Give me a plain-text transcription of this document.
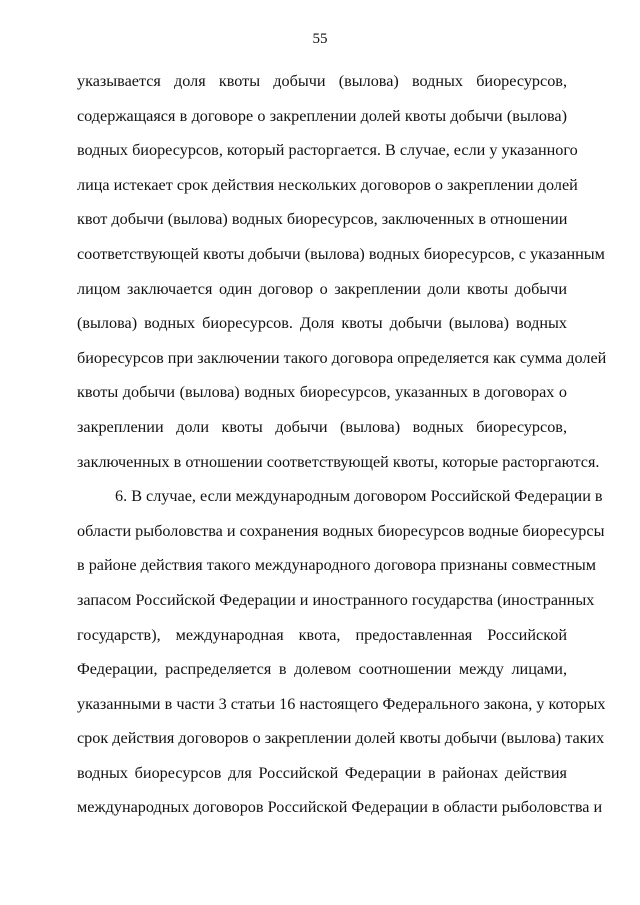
55
указывается доля квоты добычи (вылова) водных биоресурсов,
содержащаяся в договоре о закреплении долей квоты добычи (вылова)
водных биоресурсов, который расторгается. В случае, если у указанного
лица истекает срок действия нескольких договоров о закреплении долей
квот добычи (вылова) водных биоресурсов, заключенных в отношении
соответствующей квоты добычи (вылова) водных биоресурсов, с указанным
лицом заключается один договор о закреплении доли квоты добычи
(вылова) водных биоресурсов. Доля квоты добычи (вылова) водных
биоресурсов при заключении такого договора определяется как сумма долей
квоты добычи (вылова) водных биоресурсов, указанных в договорах о
закреплении доли квоты добычи (вылова) водных биоресурсов,
заключенных в отношении соответствующей квоты, которые расторгаются.
6. В случае, если международным договором Российской Федерации в
области рыболовства и сохранения водных биоресурсов водные биоресурсы
в районе действия такого международного договора признаны совместным
запасом Российской Федерации и иностранного государства (иностранных
государств), международная квота, предоставленная Российской
Федерации, распределяется в долевом соотношении между лицами,
указанными в части 3 статьи 16 настоящего Федерального закона, у которых
срок действия договоров о закреплении долей квоты добычи (вылова) таких
водных биоресурсов для Российской Федерации в районах действия
международных договоров Российской Федерации в области рыболовства и
